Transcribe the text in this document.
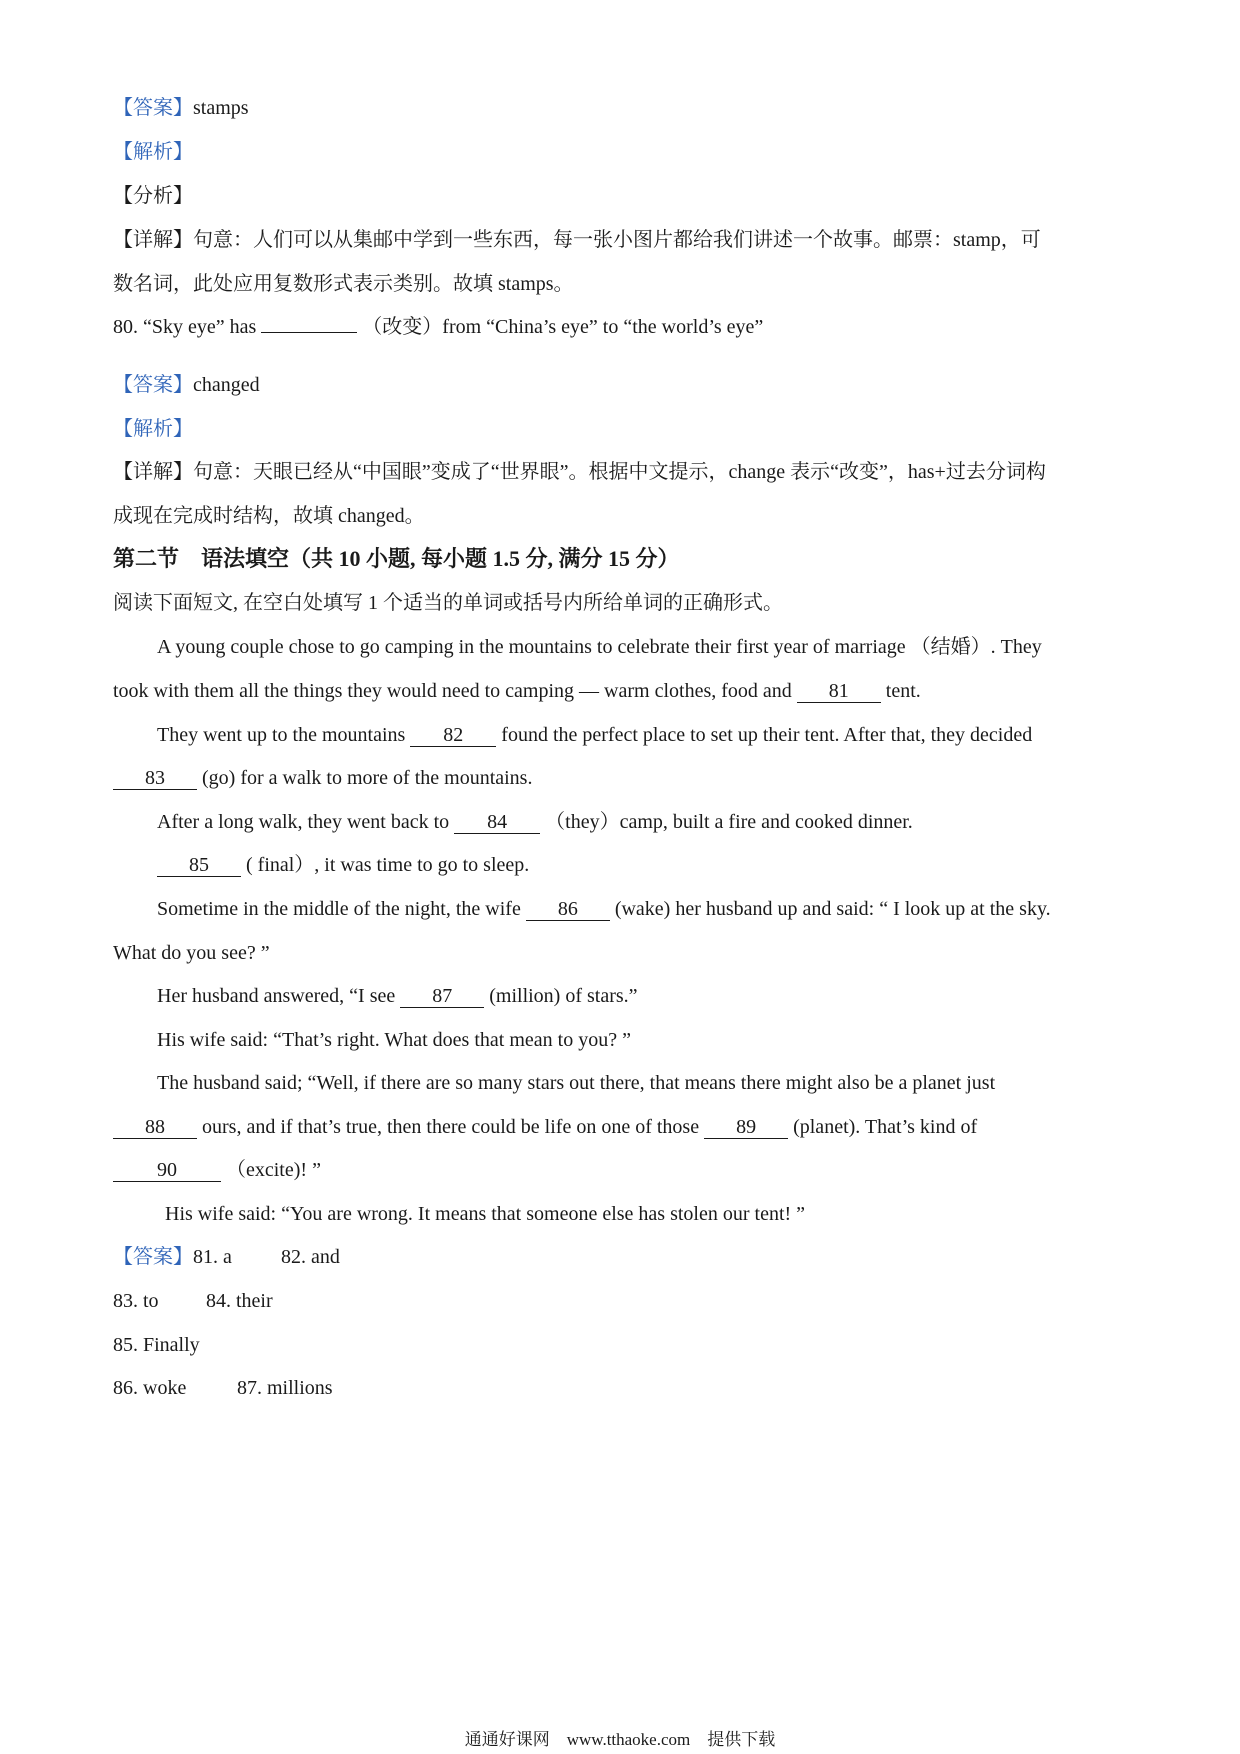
【答案】stamps
【解析】
【分析】
【详解】句意：人们可以从集邮中学到一些东西，每一张小图片都给我们讲述一个故事。邮票：stamp，可
数名词，此处应用复数形式表示类别。故填 stamps。
80. “Sky eye” has	（改变）from “China’s eye” to “the world’s eye”
【答案】changed
【解析】
【详解】句意：天眼已经从“中国眼”变成了“世界眼”。根据中文提示，change 表示“改变”，has+过去分词构
成现在完成时结构，故填 changed。
第二节　语法填空（共 10 小题, 每小题 1.5 分, 满分 15 分）
阅读下面短文, 在空白处填写 1 个适当的单词或括号内所给单词的正确形式。
A young couple chose to go camping in the mountains to celebrate their first year of marriage （结婚）. They
took with them all the things they would need to camping — warm clothes, food and 81 tent.
They went up to the mountains 82 found the perfect place to set up their tent. After that, they decided
83 (go) for a walk to more of the mountains.
After a long walk, they went back to 84 （they）camp, built a fire and cooked dinner.
85 ( final）, it was time to go to sleep.
Sometime in the middle of the night, the wife 86 (wake) her husband up and said: “ I look up at the sky.
What do you see? ”
Her husband answered, “I see 87 (million) of stars.”
His wife said: “That’s right. What does that mean to you? ”
The husband said; “Well, if there are so many stars out there, that means there might also be a planet just
88 ours, and if that’s true, then there could be life on one of those 89 (planet). That’s kind of
90 （excite)! ”
His wife said: “You are wrong. It means that someone else has stolen our tent! ”
【答案】81. a 82. and
83. to 84. their
85. Finally
86. woke	87. millions
通通好课网　www.tthaoke.com　提供下载
